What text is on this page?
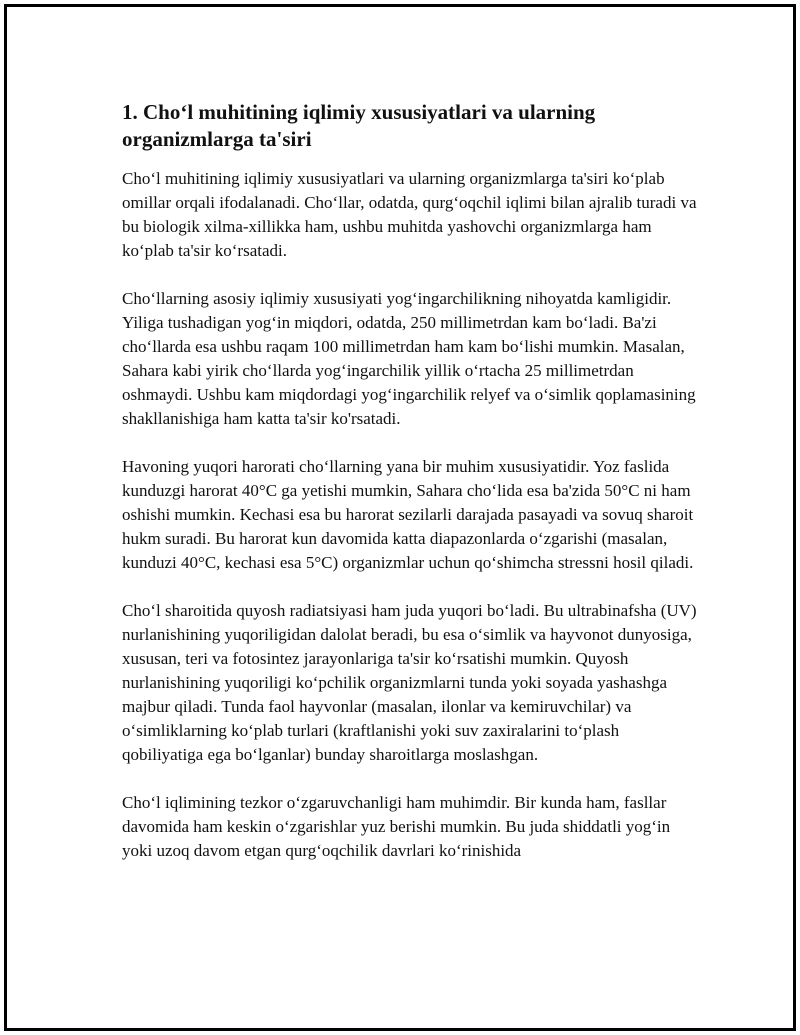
1. Cho‘l muhitining iqlimiy xususiyatlari va ularning organizmlarga ta'siri

Cho‘l muhitining iqlimiy xususiyatlari va ularning organizmlarga ta'siri ko‘plab omillar orqali ifodalanadi. Cho‘llar, odatda, qurg‘oqchil iqlimi bilan ajralib turadi va bu biologik xilma-xillikka ham, ushbu muhitda yashovchi organizmlarga ham ko‘plab ta'sir ko‘rsatadi.

Cho‘llarning asosiy iqlimiy xususiyati yog‘ingarchilikning nihoyatda kamligidir. Yiliga tushadigan yog‘in miqdori, odatda, 250 millimetrdan kam bo‘ladi. Ba'zi cho‘llarda esa ushbu raqam 100 millimetrdan ham kam bo‘lishi mumkin. Masalan, Sahara kabi yirik cho‘llarda yog‘ingarchilik yillik o‘rtacha 25 millimetrdan oshmaydi. Ushbu kam miqdordagi yog‘ingarchilik relyef va o‘simlik qoplamasining shakllanishiga ham katta ta'sir ko'rsatadi.

Havoning yuqori harorati cho‘llarning yana bir muhim xususiyatidir. Yoz faslida kunduzgi harorat 40°C ga yetishi mumkin, Sahara cho‘lida esa ba'zida 50°C ni ham oshishi mumkin. Kechasi esa bu harorat sezilarli darajada pasayadi va sovuq sharoit hukm suradi. Bu harorat kun davomida katta diapazonlarda o‘zgarishi (masalan, kunduzi 40°C, kechasi esa 5°C) organizmlar uchun qo‘shimcha stressni hosil qiladi.

Cho‘l sharoitida quyosh radiatsiyasi ham juda yuqori bo‘ladi. Bu ultrabinafsha (UV) nurlanishining yuqoriligidan dalolat beradi, bu esa o‘simlik va hayvonot dunyosiga, xususan, teri va fotosintez jarayonlariga ta'sir ko‘rsatishi mumkin. Quyosh nurlanishining yuqoriligi ko‘pchilik organizmlarni tunda yoki soyada yashashga majbur qiladi. Tunda faol hayvonlar (masalan, ilonlar va kemiruvchilar) va o‘simliklarning ko‘plab turlari (kraftlanishi yoki suv zaxiralarini to‘plash qobiliyatiga ega bo‘lganlar) bunday sharoitlarga moslashgan.

Cho‘l iqlimining tezkor o‘zgaruvchanligi ham muhimdir. Bir kunda ham, fasllar davomida ham keskin o‘zgarishlar yuz berishi mumkin. Bu juda shiddatli yog‘in yoki uzoq davom etgan qurg‘oqchilik davrlari ko‘rinishida
